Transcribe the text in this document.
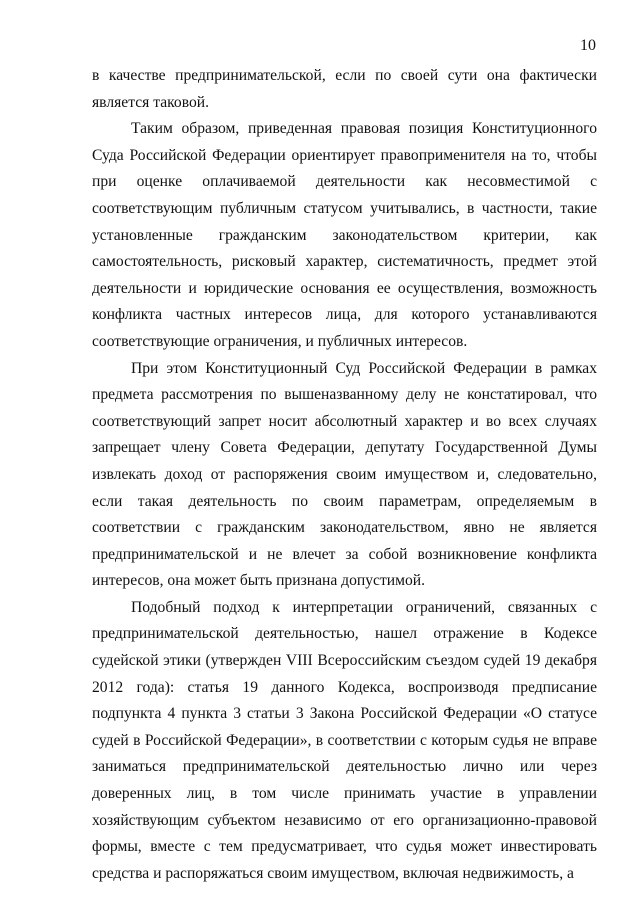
10

в качестве предпринимательской, если по своей сути она фактически является таковой.

Таким образом, приведенная правовая позиция Конституционного Суда Российской Федерации ориентирует правоприменителя на то, чтобы при оценке оплачиваемой деятельности как несовместимой с соответствующим публичным статусом учитывались, в частности, такие установленные гражданским законодательством критерии, как самостоятельность, рисковый характер, систематичность, предмет этой деятельности и юридические основания ее осуществления, возможность конфликта частных интересов лица, для которого устанавливаются соответствующие ограничения, и публичных интересов.

При этом Конституционный Суд Российской Федерации в рамках предмета рассмотрения по вышеназванному делу не констатировал, что соответствующий запрет носит абсолютный характер и во всех случаях запрещает члену Совета Федерации, депутату Государственной Думы извлекать доход от распоряжения своим имуществом и, следовательно, если такая деятельность по своим параметрам, определяемым в соответствии с гражданским законодательством, явно не является предпринимательской и не влечет за собой возникновение конфликта интересов, она может быть признана допустимой.

Подобный подход к интерпретации ограничений, связанных с предпринимательской деятельностью, нашел отражение в Кодексе судейской этики (утвержден VIII Всероссийским съездом судей 19 декабря 2012 года): статья 19 данного Кодекса, воспроизводя предписание подпункта 4 пункта 3 статьи 3 Закона Российской Федерации «О статусе судей в Российской Федерации», в соответствии с которым судья не вправе заниматься предпринимательской деятельностью лично или через доверенных лиц, в том числе принимать участие в управлении хозяйствующим субъектом независимо от его организационно-правовой формы, вместе с тем предусматривает, что судья может инвестировать средства и распоряжаться своим имуществом, включая недвижимость, а
